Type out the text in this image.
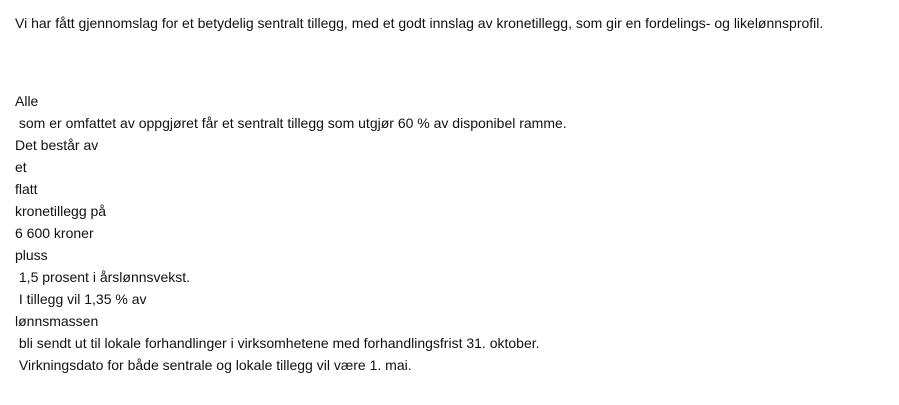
Vi har fått gjennomslag for et betydelig sentralt tillegg, med et godt innslag av kronetillegg, som gir en fordelings- og likelønnsprofil.

Alle
som er omfattet av oppgjøret får et sentralt tillegg som utgjør 60 % av disponibel ramme.
Det består av
et
flatt
kronetillegg på
6 600 kroner
pluss
1,5 prosent i årslønnsvekst.
I tillegg vil 1,35 % av
lønnsmassen
bli sendt ut til lokale forhandlinger i virksomhetene med forhandlingsfrist 31. oktober.
Virkningsdato for både sentrale og lokale tillegg vil være 1. mai.
